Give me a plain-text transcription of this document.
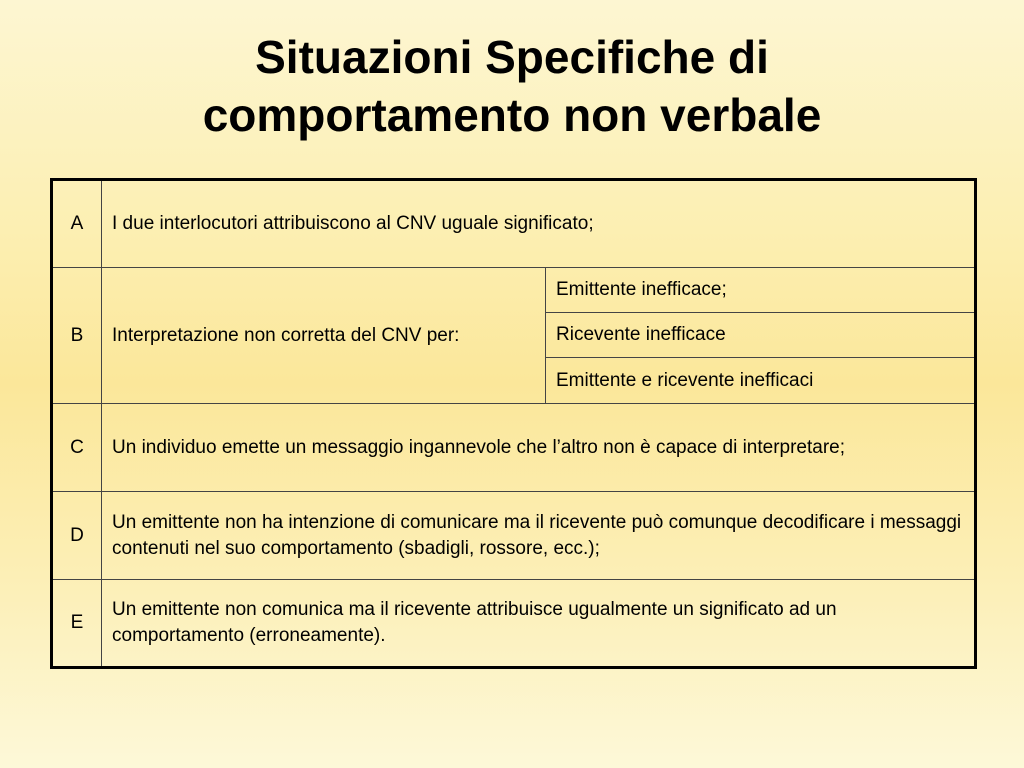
Situazioni Specifiche di
comportamento non verbale
A	I due interlocutori attribuiscono al CNV uguale significato;	
B	Interpretazione non corretta del CNV per:	Emittente inefficace;
		Ricevente inefficace
		Emittente e ricevente inefficaci
C	Un individuo emette un messaggio ingannevole che l’altro non è capace di interpretare;	
D	Un emittente non ha intenzione di comunicare ma il ricevente può comunque decodificare i messaggi contenuti nel suo comportamento (sbadigli, rossore, ecc.);	
E	Un emittente non comunica ma il ricevente attribuisce ugualmente un significato ad un comportamento (erroneamente).	
